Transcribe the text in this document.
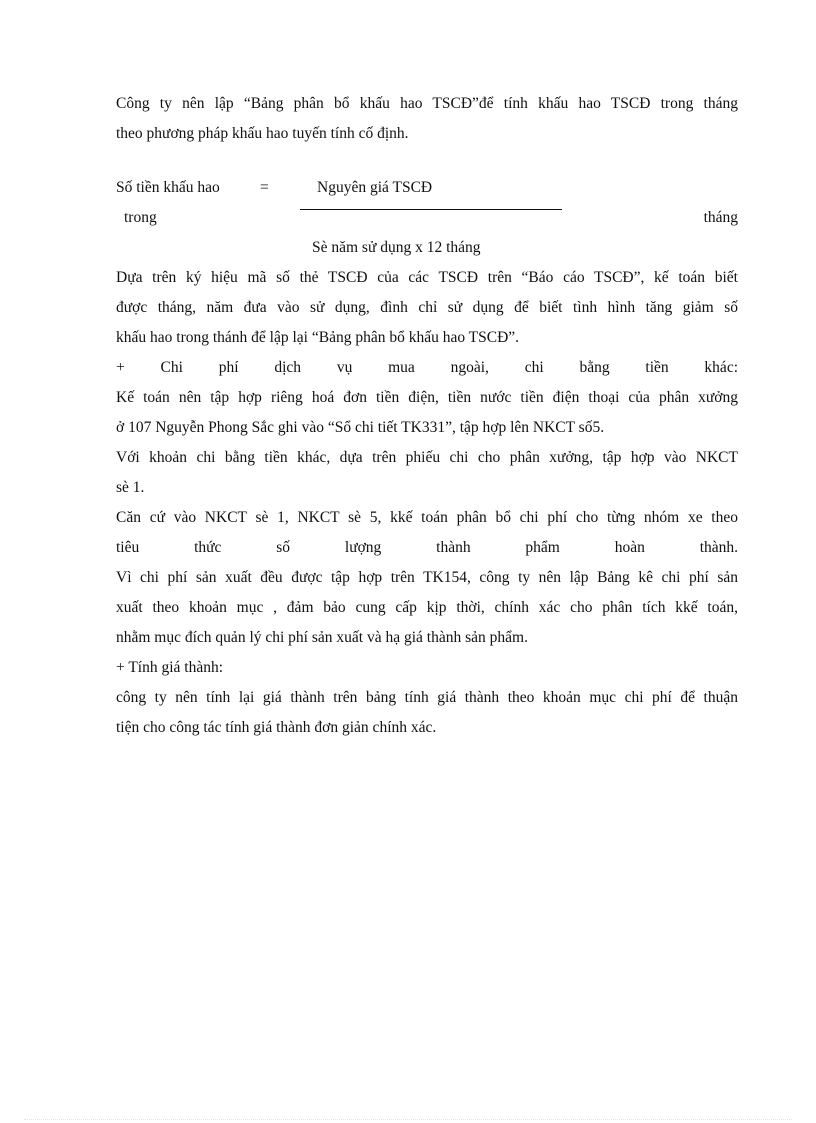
Công ty nên lập “Bảng phân bổ khấu hao TSCĐ”để tính khấu hao TSCĐ trong tháng
theo phương pháp khấu hao tuyến tính cố định.
Số tiền khấu hao	=	Nguyên giá TSCĐ
trong	tháng
Sè năm sử dụng x 12 tháng
Dựa trên ký hiệu mã số thẻ TSCĐ của các TSCĐ trên “Báo cáo TSCĐ”, kế toán biết
được tháng, năm đưa vào sử dụng, đình chỉ sử dụng để biết tình hình tăng giảm số
khấu hao trong thánh để lập lại “Bảng phân bổ khấu hao TSCĐ”.
+ Chi phí dịch vụ mua ngoài, chi bằng tiền khác:
Kế toán nên tập hợp riêng hoá đơn tiền điện, tiền nước tiền điện thoại của phân xưởng
ở 107 Nguyễn Phong Sắc ghi vào “Sổ chi tiết TK331”, tập hợp lên NKCT số5.
Với khoản chi bằng tiền khác, dựa trên phiếu chi cho phân xưởng, tập hợp vào NKCT
sè 1.
Căn cứ vào NKCT sè 1, NKCT sè 5, kkế toán phân bổ chi phí cho từng nhóm xe theo
tiêu thức số lượng thành phẩm hoàn thành.
Vì chi phí sản xuất đều được tập hợp trên TK154, công ty nên lập Bảng kê chi phí sản
xuất theo khoản mục , đảm bảo cung cấp kịp thời, chính xác cho phân tích kkế toán,
nhằm mục đích quản lý chi phí sản xuất và hạ giá thành sản phẩm.
+ Tính giá thành:
công ty nên tính lại giá thành trên bảng tính giá thành theo khoản mục chi phí để thuận
tiện cho công tác tính giá thành đơn giản chính xác.
